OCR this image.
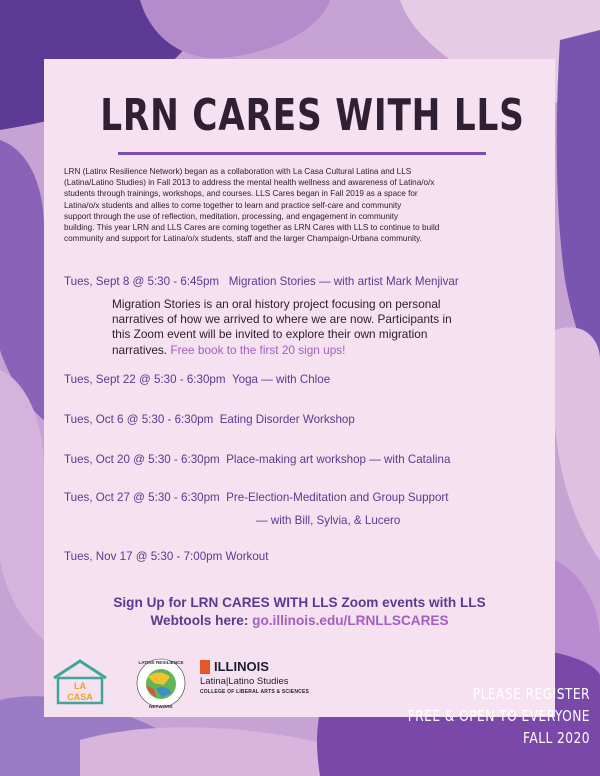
LRN CARES WITH LLS
LRN (Latinx Resilience Network) began as a collaboration with La Casa Cultural Latina and LLS
(Latina/Latino Studies) in Fall 2013 to address the mental health wellness and awareness of Latina/o/x
students through trainings, workshops, and courses. LLS Cares began in Fall 2019 as a space for
Latina/o/x students and allies to come together to learn and practice self-care and community
support through the use of reflection, meditation, processing, and engagement in community
building. This year LRN and LLS Cares are coming together as LRN Cares with LLS to continue to build
community and support for Latina/o/x students, staff and the larger Champaign-Urbana community.
Tues, Sept 8 @ 5:30 - 6:45pm Migration Stories — with artist Mark Menjivar
Migration Stories is an oral history project focusing on personal
narratives of how we arrived to where we are now. Participants in
this Zoom event will be invited to explore their own migration
narratives. Free book to the first 20 sign ups!
Tues, Sept 22 @ 5:30 - 6:30pm Yoga — with Chloe
Tues, Oct 6 @ 5:30 - 6:30pm Eating Disorder Workshop
Tues, Oct 20 @ 5:30 - 6:30pm Place-making art workshop — with Catalina
Tues, Oct 27 @ 5:30 - 6:30pm Pre-Election-Meditation and Group Support
— with Bill, Sylvia, & Lucero
Tues, Nov 17 @ 5:30 - 7:00pm Workout
Sign Up for LRN CARES WITH LLS Zoom events with LLS
Webtools here: go.illinois.edu/LRNLLSCARES
LA
CASA
LATINX RESILIENCE
NETWORK
ILLINOIS
Latina|Latino Studies
COLLEGE OF LIBERAL ARTS & SCIENCES	PLEASE REGISTER
FREE & OPEN TO EVERYONE
FALL 2020
